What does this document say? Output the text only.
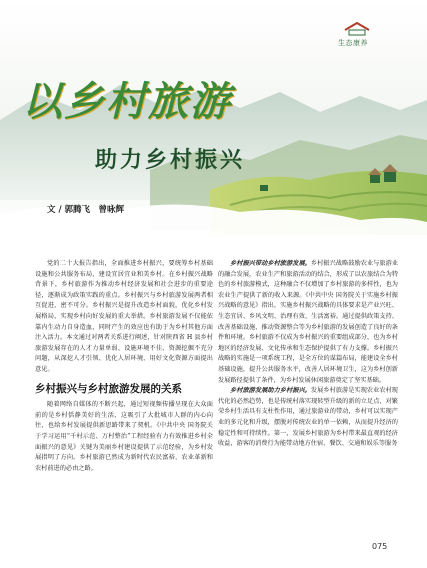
生态康养
以乡村旅游
助力乡村振兴
文 / 郭腾飞　曾咏辉

党的二十大报告指出，全面推进乡村振兴，要统筹乡村基础设施和公共服务布局，建设宜居宜业和美乡村。在乡村振兴战略背景下，乡村旅游作为推动乡村经济发展和社会进步的重要途径，逐渐成为政策实践的重点。乡村振兴与乡村旅游发展两者相互促进，密不可分。乡村振兴是提升改造乡村面貌，优化乡村发展格局，实现乡村向好发展的重大举措。乡村旅游发展不仅能依靠内生动力自身造血，同时产生的效应也有助于为乡村其他方面注入活力。本文通过对两者关系进行阐述，针对陕西省 H 县乡村旅游发展存在的人才力量单弱、设施环境不佳、资源挖掘不充分问题，从深挖人才引领、优化人居环境、用好文化资源方面提出意见。

乡村振兴与乡村旅游发展的关系

随着网络自媒体的不断兴起，通过短视频传播呈现在大众面前的是乡村恬静美好的生活，这吸引了大批城市人群的内心向往，也给乡村发展提供新思路带来了契机。《中共中央 国务院关于学习运用“千村示范、万村整治”工程经验有力有效推进乡村全面振兴的意见》关键为美丽乡村建设提供了示范经验，为乡村发展指明了方向。乡村旅游已然成为新时代农民富裕、农业革新和农村前进的必由之路。

乡村振兴带动乡村旅游发展。乡村振兴战略鼓励农业与旅游业的融合发展，农业生产和旅游活动的结合，形成了以农旅结合为特色的乡村旅游模式，这种融合不仅增加了乡村旅游的多样性，也为农业生产提供了新的收入来源。《中共中央 国务院关于实施乡村振兴战略的意见》指出，实施乡村振兴战略的具体要求是产业兴旺、生态宜居、乡风文明、治理有效、生活富裕。通过提供政策支持、改善基础设施、推动资源整合等为乡村旅游的发展创造了良好的条件和环境。乡村旅游不仅成为乡村振兴的重要组成部分，也为乡村地区的经济发展、文化传承和生态保护提供了有力支撑。乡村振兴战略的实施是一项系统工程，是全方位的谋篇布局，能建设全乡村基础设施，提升公共服务水平，改善人居环境卫生，这为乡村创新发展路径提供了条件，为乡村发展休闲旅游奠定了坚实基础。

乡村旅游发展助力乡村振兴。发展乡村旅游是实现农业农村现代化的必然趋势，也是传统村落实现转型升级的新的立足点，对繁荣乡村生活具有支柱性作用，通过旅游业的带动，乡村可以实现产业的多元化和升级，摆脱对传统农业的单一依赖，从而提升经济的稳定性和可持续性。第一，发展乡村旅游为乡村带来最直观的经济收益，游客的消费行为能带动地方住宿、餐饮、交通和娱乐等服务

075
